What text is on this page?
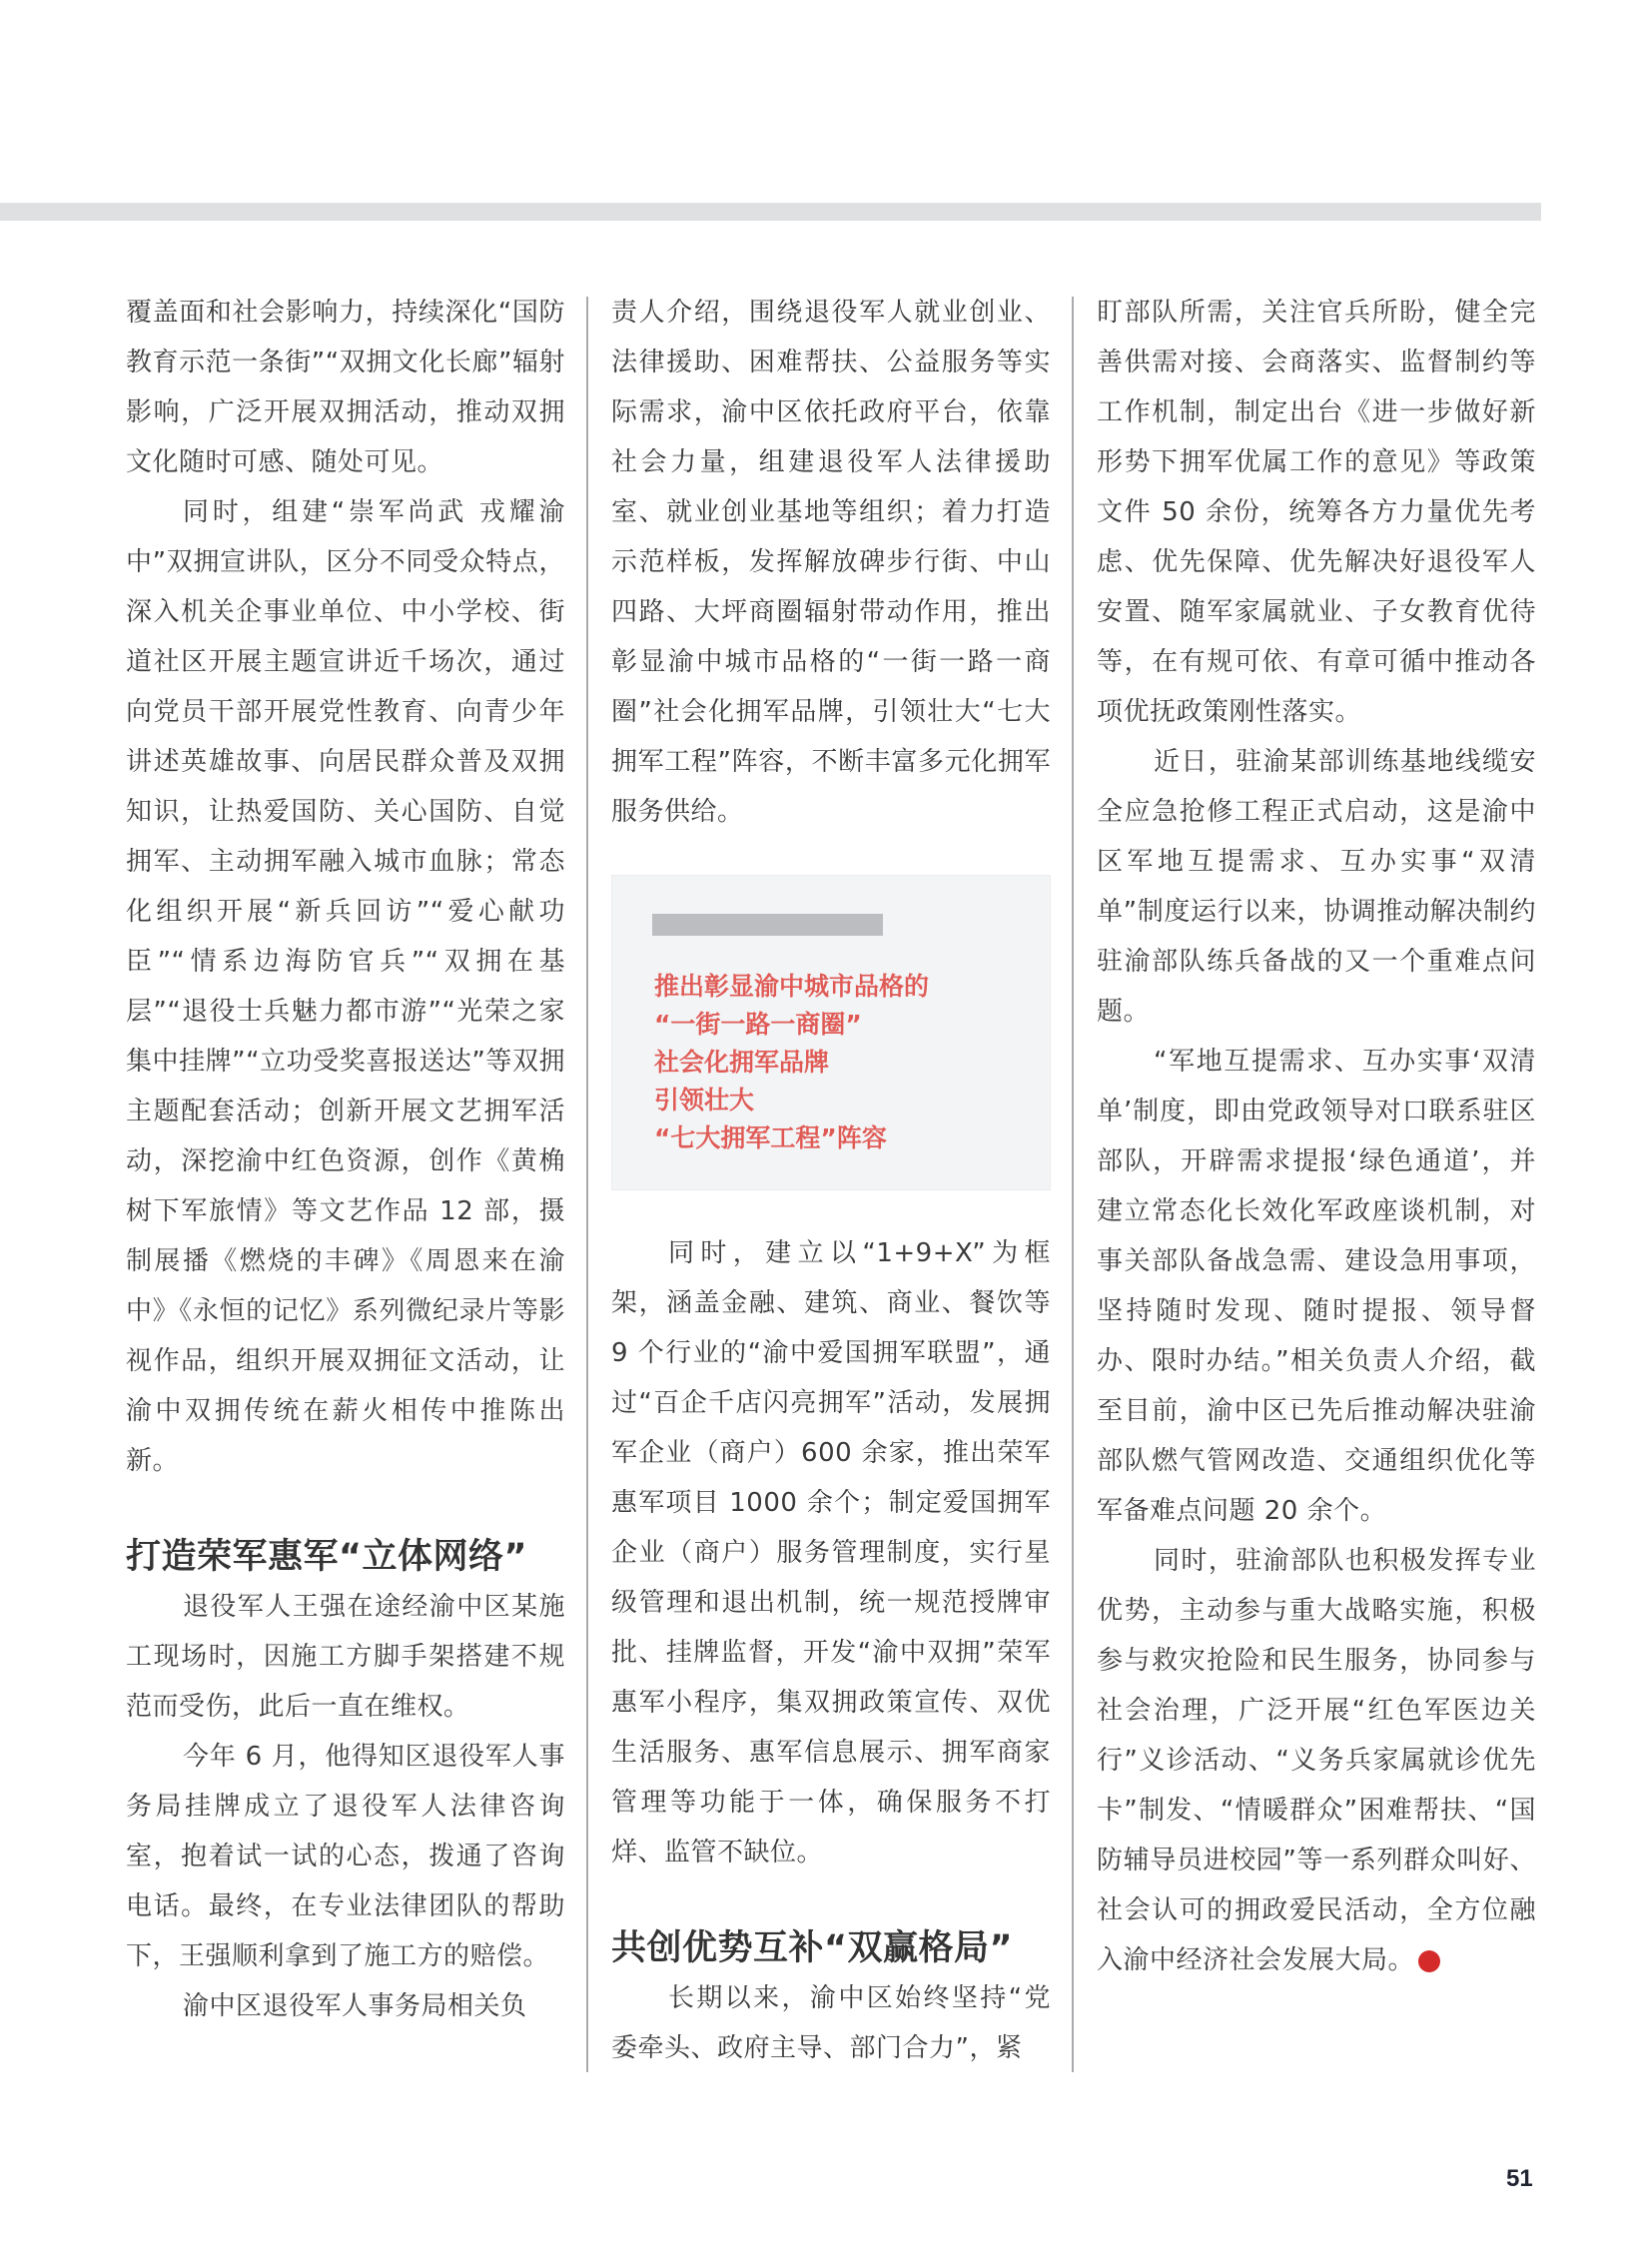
覆盖面和社会影响力，持续深化“国防教育示范一条街”“双拥文化长廊”辐射影响，广泛开展双拥活动，推动双拥文化随时可感、随处可见。

同时，组建“崇军尚武 戎耀渝中”双拥宣讲队，区分不同受众特点，深入机关企事业单位、中小学校、街道社区开展主题宣讲近千场次，通过向党员干部开展党性教育、向青少年讲述英雄故事、向居民群众普及双拥知识，让热爱国防、关心国防、自觉拥军、主动拥军融入城市血脉；常态化组织开展“新兵回访”“爱心献功臣”“情系边海防官兵”“双拥在基层”“退役士兵魅力都市游”“光荣之家集中挂牌”“立功受奖喜报送达”等双拥主题配套活动；创新开展文艺拥军活动，深挖渝中红色资源，创作《黄桷树下军旅情》等文艺作品 12 部，摄制展播《燃烧的丰碑》《周恩来在渝中》《永恒的记忆》系列微纪录片等影视作品，组织开展双拥征文活动，让渝中双拥传统在薪火相传中推陈出新。

打造荣军惠军“立体网络”

退役军人王强在途经渝中区某施工现场时，因施工方脚手架搭建不规范而受伤，此后一直在维权。

今年 6 月，他得知区退役军人事务局挂牌成立了退役军人法律咨询室，抱着试一试的心态，拨通了咨询电话。最终，在专业法律团队的帮助下，王强顺利拿到了施工方的赔偿。

渝中区退役军人事务局相关负

责人介绍，围绕退役军人就业创业、法律援助、困难帮扶、公益服务等实际需求，渝中区依托政府平台，依靠社会力量，组建退役军人法律援助室、就业创业基地等组织；着力打造示范样板，发挥解放碑步行街、中山四路、大坪商圈辐射带动作用，推出彰显渝中城市品格的“一街一路一商圈”社会化拥军品牌，引领壮大“七大拥军工程”阵容，不断丰富多元化拥军服务供给。

推出彰显渝中城市品格的
“一街一路一商圈”
社会化拥军品牌
引领壮大
“七大拥军工程”阵容

同时，建立以“1+9+X”为框架，涵盖金融、建筑、商业、餐饮等 9 个行业的“渝中爱国拥军联盟”，通过“百企千店闪亮拥军”活动，发展拥军企业（商户）600 余家，推出荣军惠军项目 1000 余个；制定爱国拥军企业（商户）服务管理制度，实行星级管理和退出机制，统一规范授牌审批、挂牌监督，开发“渝中双拥”荣军惠军小程序，集双拥政策宣传、双优生活服务、惠军信息展示、拥军商家管理等功能于一体，确保服务不打烊、监管不缺位。

共创优势互补“双赢格局”

长期以来，渝中区始终坚持“党委牵头、政府主导、部门合力”，紧

盯部队所需，关注官兵所盼，健全完善供需对接、会商落实、监督制约等工作机制，制定出台《进一步做好新形势下拥军优属工作的意见》等政策文件 50 余份，统筹各方力量优先考虑、优先保障、优先解决好退役军人安置、随军家属就业、子女教育优待等，在有规可依、有章可循中推动各项优抚政策刚性落实。

近日，驻渝某部训练基地线缆安全应急抢修工程正式启动，这是渝中区军地互提需求、互办实事“双清单”制度运行以来，协调推动解决制约驻渝部队练兵备战的又一个重难点问题。

“军地互提需求、互办实事‘双清单’制度，即由党政领导对口联系驻区部队，开辟需求提报‘绿色通道’，并建立常态化长效化军政座谈机制，对事关部队备战急需、建设急用事项，坚持随时发现、随时提报、领导督办、限时办结。”相关负责人介绍，截至目前，渝中区已先后推动解决驻渝部队燃气管网改造、交通组织优化等军备难点问题 20 余个。

同时，驻渝部队也积极发挥专业优势，主动参与重大战略实施，积极参与救灾抢险和民生服务，协同参与社会治理，广泛开展“红色军医边关行”义诊活动、“义务兵家属就诊优先卡”制发、“情暖群众”困难帮扶、“国防辅导员进校园”等一系列群众叫好、社会认可的拥政爱民活动，全方位融入渝中经济社会发展大局。	N

51
